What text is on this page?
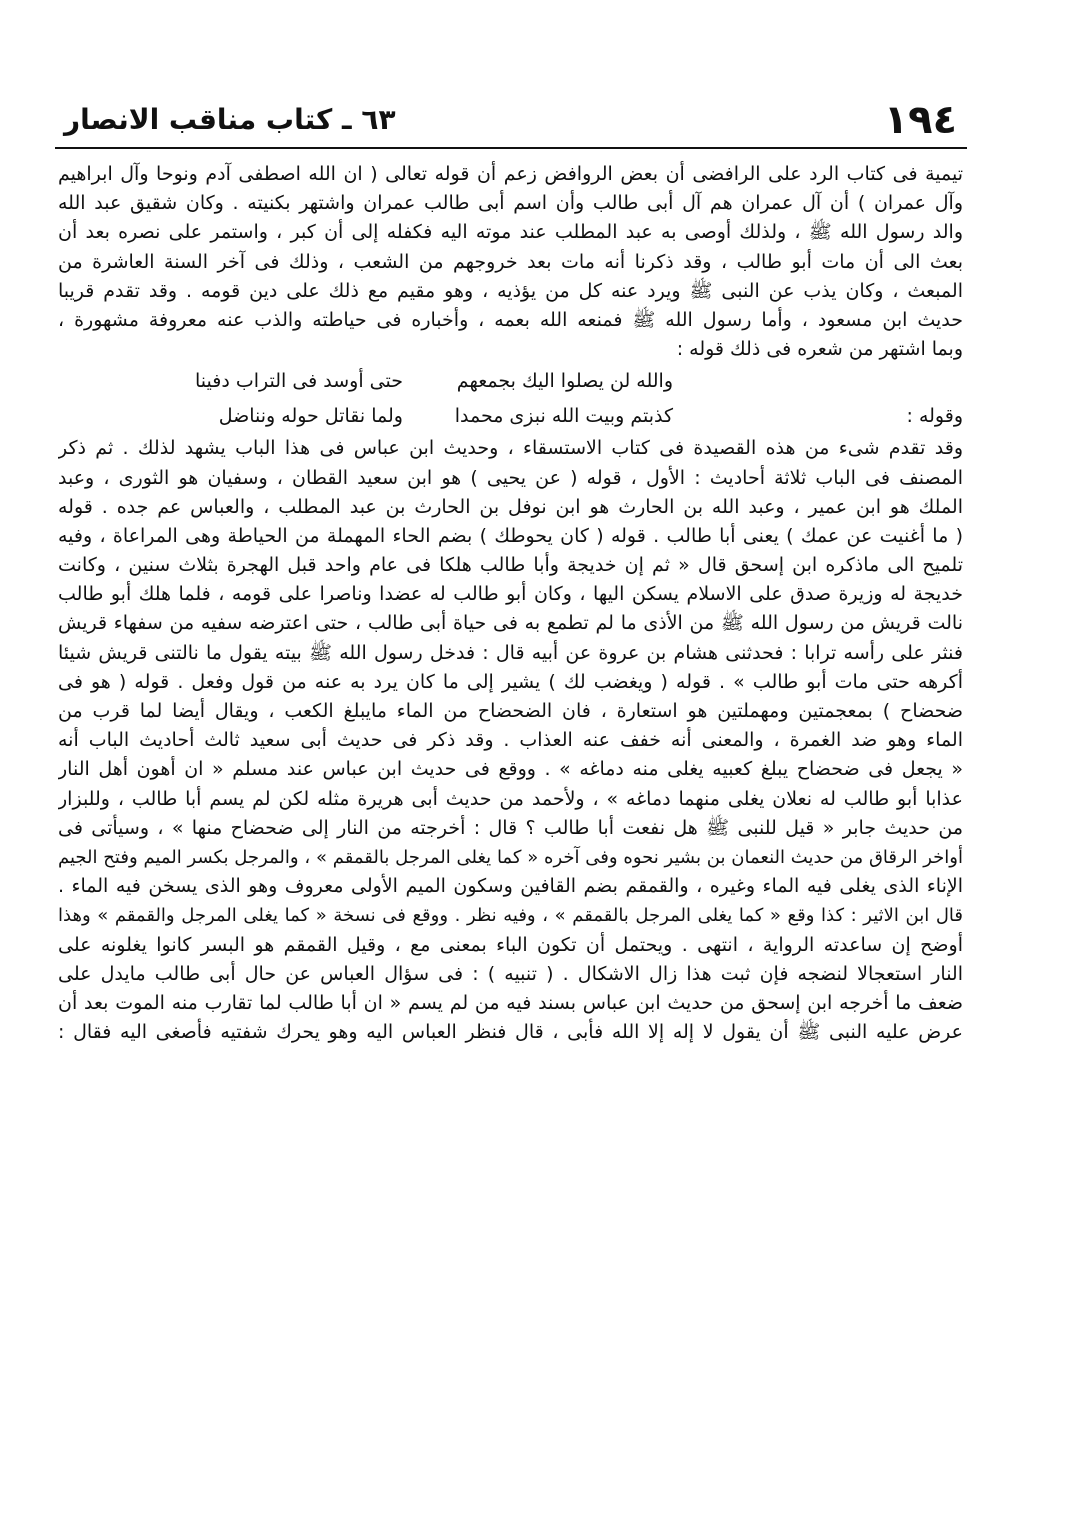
١٩٤
٦٣ ـ كتاب مناقب الانصار
تيمية فى كتاب الرد على الرافضى أن بعض الروافض زعم أن قوله تعالى ( ان الله اصطفى آدم ونوحا وآل ابراهيم
وآل عمران ) أن آل عمران هم آل أبى طالب وأن اسم أبى طالب عمران واشتهر بكنيته . وكان شقيق عبد الله
والد رسول الله ﷺ ، ولذلك أوصى به عبد المطلب عند موته اليه فكفله إلى أن كبر ، واستمر على نصره بعد أن
بعث الى أن مات أبو طالب ، وقد ذكرنا أنه مات بعد خروجهم من الشعب ، وذلك فى آخر السنة العاشرة من
المبعث ، وكان يذب عن النبى ﷺ ويرد عنه كل من يؤذيه ، وهو مقيم مع ذلك على دين قومه . وقد تقدم قريبا
حديث ابن مسعود ، وأما رسول الله ﷺ فمنعه الله بعمه ، وأخباره فى حياطته والذب عنه معروفة مشهورة ،
وبما اشتهر من شعره فى ذلك قوله :
والله لن يصلوا اليك بجمعهم
حتى أوسد فى التراب دفينا
وقوله :
كذبتم وبيت الله نبزى محمدا
ولما نقاتل حوله ونناضل
وقد تقدم شىء من هذه القصيدة فى كتاب الاستسقاء ، وحديث ابن عباس فى هذا الباب يشهد لذلك . ثم ذكر
المصنف فى الباب ثلاثة أحاديث : الأول ، قوله ( عن يحيى ) هو ابن سعيد القطان ، وسفيان هو الثورى ، وعبد
الملك هو ابن عمير ، وعبد الله بن الحارث هو ابن نوفل بن الحارث بن عبد المطلب ، والعباس عم جده . قوله
( ما أغنيت عن عمك ) يعنى أبا طالب . قوله ( كان يحوطك ) بضم الحاء المهملة من الحياطة وهى المراعاة ، وفيه
تلميح الى ماذكره ابن إسحق قال « ثم إن خديجة وأبا طالب هلكا فى عام واحد قبل الهجرة بثلاث سنين ، وكانت
خديجة له وزيرة صدق على الاسلام يسكن اليها ، وكان أبو طالب له عضدا وناصرا على قومه ، فلما هلك أبو طالب
نالت قريش من رسول الله ﷺ من الأذى ما لم تطمع به فى حياة أبى طالب ، حتى اعترضه سفيه من سفهاء قريش
فنثر على رأسه ترابا : فحدثنى هشام بن عروة عن أبيه قال : فدخل رسول الله ﷺ بيته يقول ما نالتنى قريش شيئا
أكرهه حتى مات أبو طالب » . قوله ( ويغضب لك ) يشير إلى ما كان يرد به عنه من قول وفعل . قوله ( هو فى
ضحضاح ) بمعجمتين ومهملتين هو استعارة ، فان الضحضاح من الماء مايبلغ الكعب ، ويقال أيضا لما قرب من
الماء وهو ضد الغمرة ، والمعنى أنه خفف عنه العذاب . وقد ذكر فى حديث أبى سعيد ثالث أحاديث الباب أنه
« يجعل فى ضحضاح يبلغ كعبيه يغلى منه دماغه » . ووقع فى حديث ابن عباس عند مسلم « ان أهون أهل النار
عذابا أبو طالب له نعلان يغلى منهما دماغه » ، ولأحمد من حديث أبى هريرة مثله لكن لم يسم أبا طالب ، وللبزار
من حديث جابر « قيل للنبى ﷺ هل نفعت أبا طالب ؟ قال : أخرجته من النار إلى ضحضاح منها » ، وسيأتى فى
أواخر الرقاق من حديث النعمان بن بشير نحوه وفى آخره « كما يغلى المرجل بالقمقم » ، والمرجل بكسر الميم وفتح الجيم
الإناء الذى يغلى فيه الماء وغيره ، والقمقم بضم القافين وسكون الميم الأولى معروف وهو الذى يسخن فيه الماء .
قال ابن الاثير : كذا وقع « كما يغلى المرجل بالقمقم » ، وفيه نظر . ووقع فى نسخة « كما يغلى المرجل والقمقم » وهذا
أوضح إن ساعدته الرواية ، انتهى . ويحتمل أن تكون الباء بمعنى مع ، وقيل القمقم هو البسر كانوا يغلونه على
النار استعجالا لنضجه فإن ثبت هذا زال الاشكال . ( تنبيه ) : فى سؤال العباس عن حال أبى طالب مايدل على
ضعف ما أخرجه ابن إسحق من حديث ابن عباس بسند فيه من لم يسم « ان أبا طالب لما تقارب منه الموت بعد أن
عرض عليه النبى ﷺ أن يقول لا إله إلا الله فأبى ، قال فنظر العباس اليه وهو يحرك شفتيه فأصغى اليه فقال :
